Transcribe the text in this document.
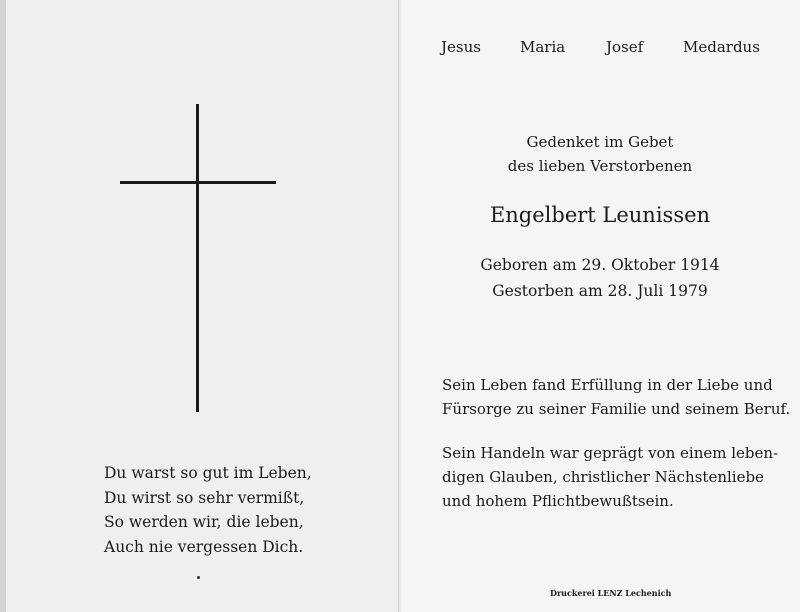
Du warst so gut im Leben,
Du wirst so sehr vermißt,
So werden wir, die leben,
Auch nie vergessen Dich.
Jesus	Maria	Josef	Medardus
Gedenket im Gebet
des lieben Verstorbenen
Engelbert Leunissen
Geboren am 29. Oktober 1914
Gestorben am 28. Juli 1979
Sein Leben fand Erfüllung in der Liebe und
Fürsorge zu seiner Familie und seinem Beruf.
Sein Handeln war geprägt von einem leben-
digen Glauben, christlicher Nächstenliebe
und hohem Pflichtbewußtsein.
Druckerei LENZ Lechenich
